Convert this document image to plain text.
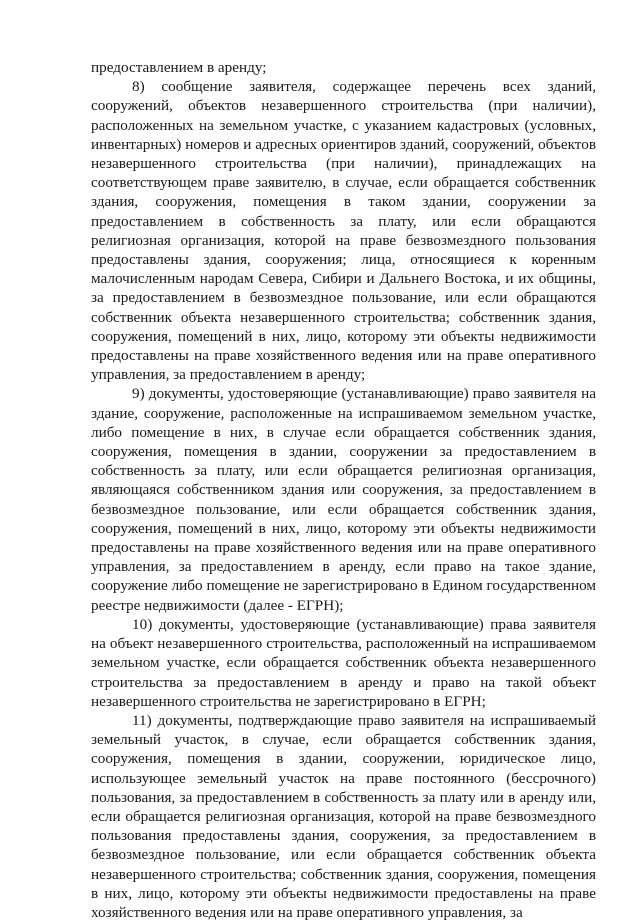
предоставлением в аренду;

8) сообщение заявителя, содержащее перечень всех зданий, сооружений, объектов незавершенного строительства (при наличии), расположенных на земельном участке, с указанием кадастровых (условных, инвентарных) номеров и адресных ориентиров зданий, сооружений, объектов незавершенного строительства (при наличии), принадлежащих на соответствующем праве заявителю, в случае, если обращается собственник здания, сооружения, помещения в таком здании, сооружении за предоставлением в собственность за плату, или если обращаются религиозная организация, которой на праве безвозмездного пользования предоставлены здания, сооружения; лица, относящиеся к коренным малочисленным народам Севера, Сибири и Дальнего Востока, и их общины, за предоставлением в безвозмездное пользование, или если обращаются собственник объекта незавершенного строительства; собственник здания, сооружения, помещений в них, лицо, которому эти объекты недвижимости предоставлены на праве хозяйственного ведения или на праве оперативного управления, за предоставлением в аренду;

9) документы, удостоверяющие (устанавливающие) право заявителя на здание, сооружение, расположенные на испрашиваемом земельном участке, либо помещение в них, в случае если обращается собственник здания, сооружения, помещения в здании, сооружении за предоставлением в собственность за плату, или если обращается религиозная организация, являющаяся собственником здания или сооружения, за предоставлением в безвозмездное пользование, или если обращается собственник здания, сооружения, помещений в них, лицо, которому эти объекты недвижимости предоставлены на праве хозяйственного ведения или на праве оперативного управления, за предоставлением в аренду, если право на такое здание, сооружение либо помещение не зарегистрировано в Едином государственном реестре недвижимости (далее - ЕГРН);

10) документы, удостоверяющие (устанавливающие) права заявителя на объект незавершенного строительства, расположенный на испрашиваемом земельном участке, если обращается собственник объекта незавершенного строительства за предоставлением в аренду и право на такой объект незавершенного строительства не зарегистрировано в ЕГРН;

11) документы, подтверждающие право заявителя на испрашиваемый земельный участок, в случае, если обращается собственник здания, сооружения, помещения в здании, сооружении, юридическое лицо, использующее земельный участок на праве постоянного (бессрочного) пользования, за предоставлением в собственность за плату или в аренду или, если обращается религиозная организация, которой на праве безвозмездного пользования предоставлены здания, сооружения, за предоставлением в безвозмездное пользование, или если обращается собственник объекта незавершенного строительства; собственник здания, сооружения, помещения в них, лицо, которому эти объекты недвижимости предоставлены на праве хозяйственного ведения или на праве оперативного управления, за
